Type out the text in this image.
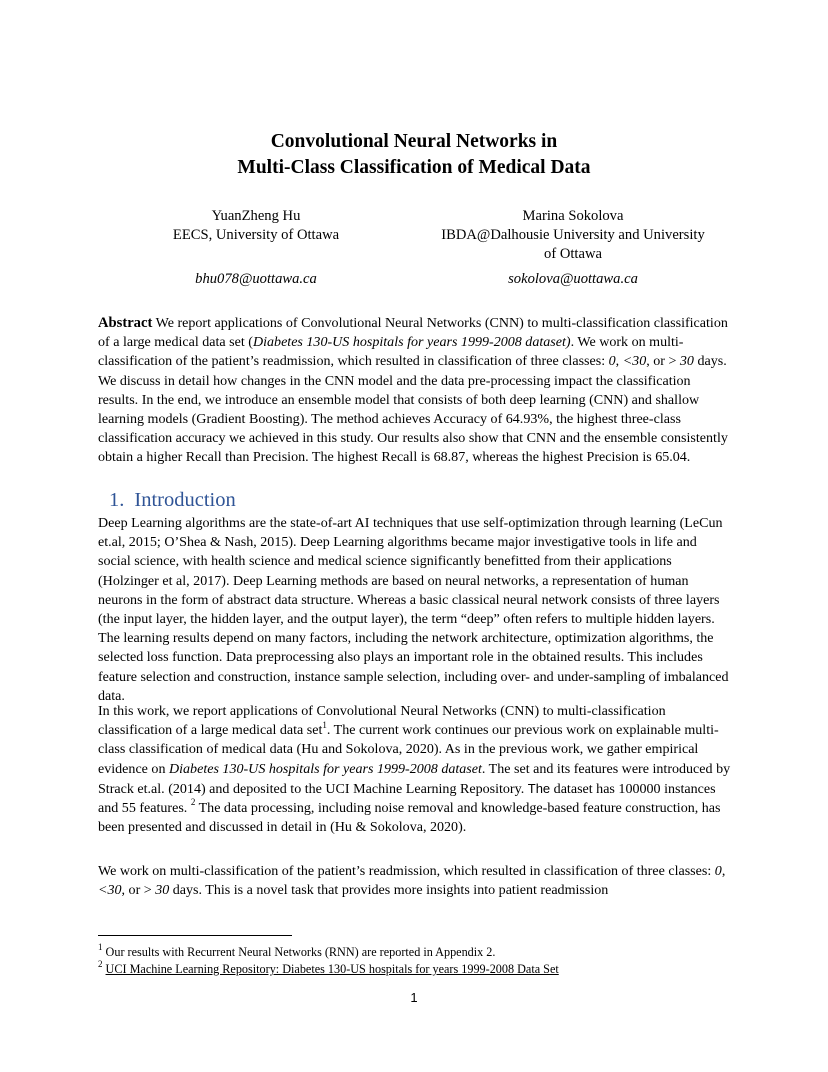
Convolutional Neural Networks in
Multi-Class Classification of Medical Data
YuanZheng Hu
EECS, University of Ottawa
bhu078@uottawa.ca
Marina Sokolova
IBDA@Dalhousie University and University
of Ottawa
sokolova@uottawa.ca
Abstract We report applications of Convolutional Neural Networks (CNN) to multi-classification classification of a large medical data set (Diabetes 130-US hospitals for years 1999-2008 dataset). We work on multi-classification of the patient’s readmission, which resulted in classification of three classes: 0, <30, or > 30 days. We discuss in detail how changes in the CNN model and the data pre-processing impact the classification results. In the end, we introduce an ensemble model that consists of both deep learning (CNN) and shallow learning models (Gradient Boosting). The method achieves Accuracy of 64.93%, the highest three-class classification accuracy we achieved in this study. Our results also show that CNN and the ensemble consistently obtain a higher Recall than Precision. The highest Recall is 68.87, whereas the highest Precision is 65.04.
1. Introduction
Deep Learning algorithms are the state-of-art AI techniques that use self-optimization through learning (LeCun et.al, 2015; O’Shea & Nash, 2015). Deep Learning algorithms became major investigative tools in life and social science, with health science and medical science significantly benefitted from their applications (Holzinger et al, 2017). Deep Learning methods are based on neural networks, a representation of human neurons in the form of abstract data structure. Whereas a basic classical neural network consists of three layers (the input layer, the hidden layer, and the output layer), the term “deep” often refers to multiple hidden layers. The learning results depend on many factors, including the network architecture, optimization algorithms, the selected loss function. Data preprocessing also plays an important role in the obtained results. This includes feature selection and construction, instance sample selection, including over- and under-sampling of imbalanced data.
In this work, we report applications of Convolutional Neural Networks (CNN) to multi-classification classification of a large medical data set$^1$. The current work continues our previous work on explainable multi-class classification of medical data (Hu and Sokolova, 2020). As in the previous work, we gather empirical evidence on Diabetes 130-US hospitals for years 1999-2008 dataset. The set and its features were introduced by Strack et.al. (2014) and deposited to the UCI Machine Learning Repository. The dataset has 100000 instances and 55 features. $^2$ The data processing, including noise removal and knowledge-based feature construction, has been presented and discussed in detail in (Hu & Sokolova, 2020).
We work on multi-classification of the patient’s readmission, which resulted in classification of three classes: 0, <30, or > 30 days. This is a novel task that provides more insights into patient readmission
$^1$ Our results with Recurrent Neural Networks (RNN) are reported in Appendix 2.
$^2$ UCI Machine Learning Repository: Diabetes 130-US hospitals for years 1999-2008 Data Set
1
